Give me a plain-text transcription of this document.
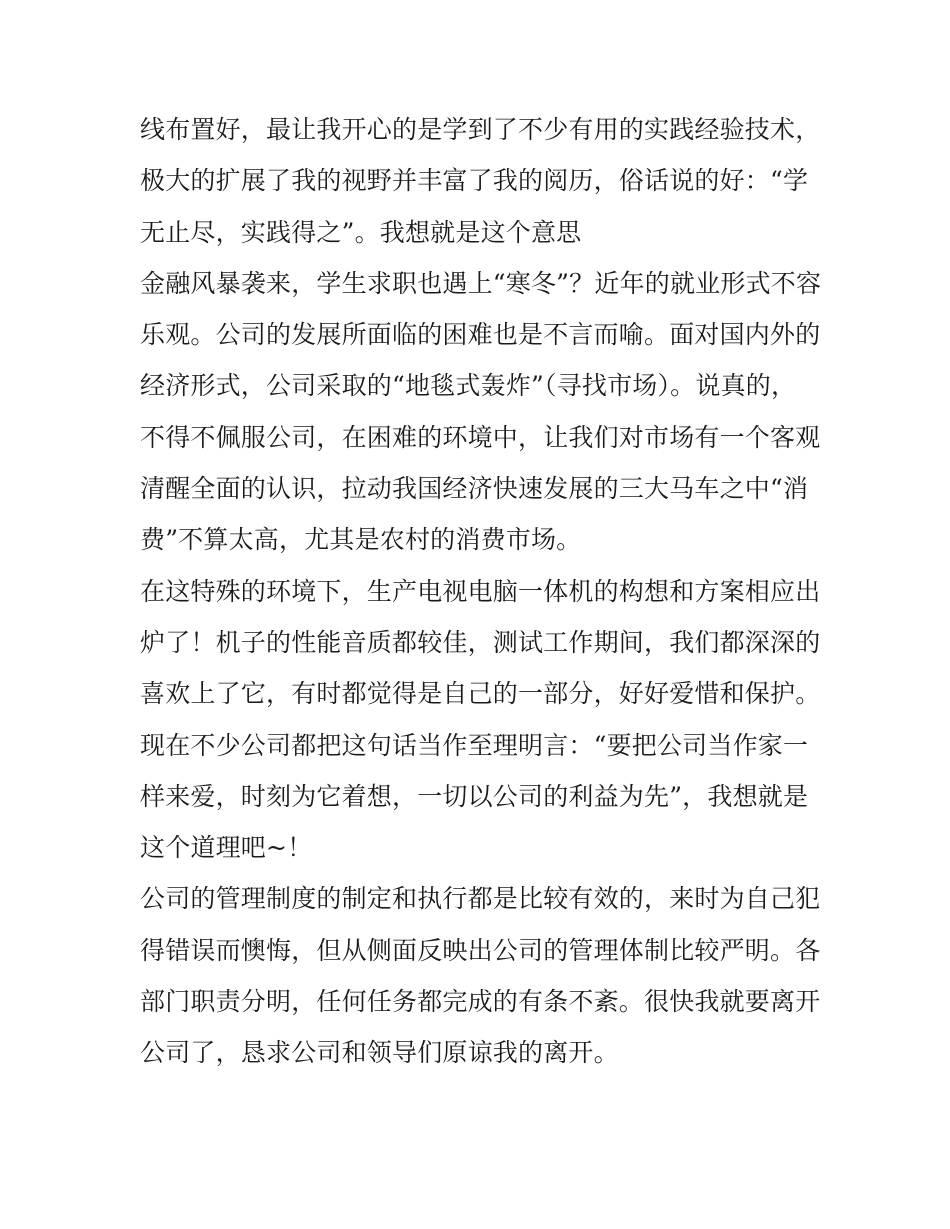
线布置好，最让我开心的是学到了不少有用的实践经验技术，
极大的扩展了我的视野并丰富了我的阅历，俗话说的好：“学
无止尽，实践得之”。我想就是这个意思
金融风暴袭来，学生求职也遇上“寒冬”？近年的就业形式不容
乐观。公司的发展所面临的困难也是不言而喻。面对国内外的
经济形式，公司采取的“地毯式轰炸”（寻找市场）。说真的，
不得不佩服公司，在困难的环境中，让我们对市场有一个客观
清醒全面的认识，拉动我国经济快速发展的三大马车之中“消
费”不算太高，尤其是农村的消费市场。
在这特殊的环境下，生产电视电脑一体机的构想和方案相应出
炉了！机子的性能音质都较佳，测试工作期间，我们都深深的
喜欢上了它，有时都觉得是自己的一部分，好好爱惜和保护。
现在不少公司都把这句话当作至理明言：“要把公司当作家一
样来爱，时刻为它着想，一切以公司的利益为先”，我想就是
这个道理吧~！
公司的管理制度的制定和执行都是比较有效的，来时为自己犯
得错误而懊悔，但从侧面反映出公司的管理体制比较严明。各
部门职责分明，任何任务都完成的有条不紊。很快我就要离开
公司了，恳求公司和领导们原谅我的离开。
